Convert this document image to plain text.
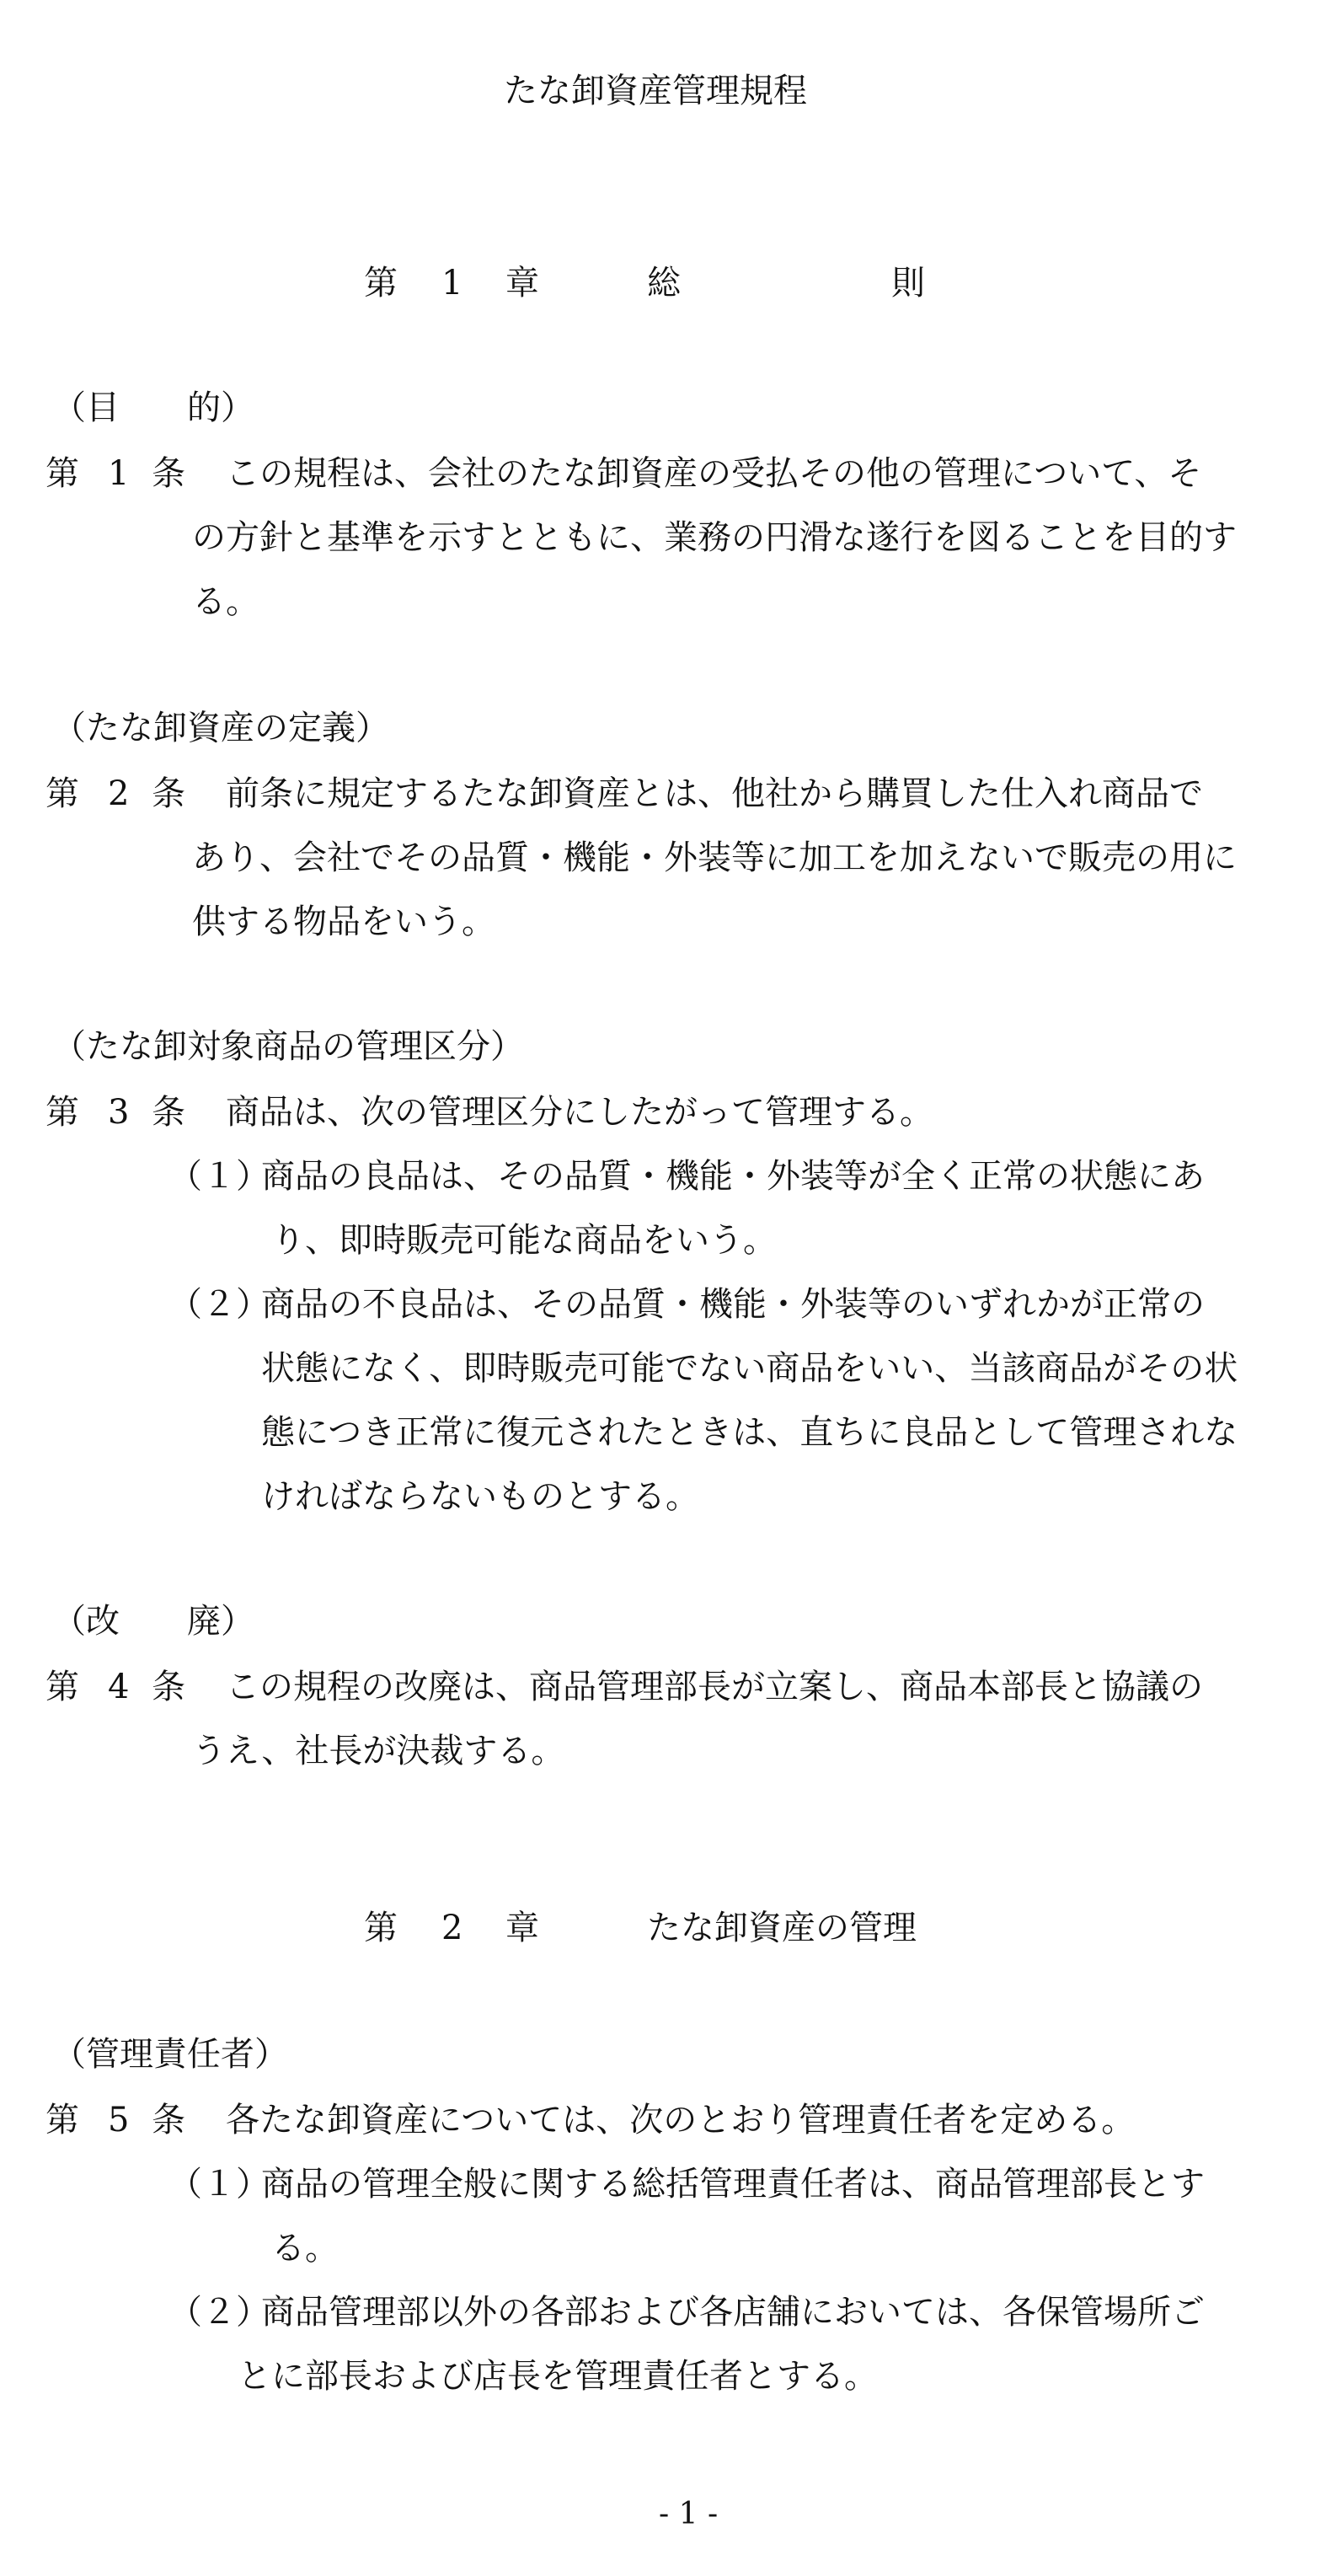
たな卸資産管理規程
第 1 章	総	則
（目　　的）
第 1 条 この規程は、会社のたな卸資産の受払その他の管理について、そ
の方針と基準を示すとともに、業務の円滑な遂行を図ることを目的す
る。
（たな卸資産の定義）
第 2 条 前条に規定するたな卸資産とは、他社から購買した仕入れ商品で
あり、会社でその品質・機能・外装等に加工を加えないで販売の用に
供する物品をいう。
（たな卸対象商品の管理区分）
第 3 条 商品は、次の管理区分にしたがって管理する。
（１）
商品の良品は、その品質・機能・外装等が全く正常の状態にあ
り、即時販売可能な商品をいう。
（２）
商品の不良品は、その品質・機能・外装等のいずれかが正常の
状態になく、即時販売可能でない商品をいい、当該商品がその状
態につき正常に復元されたときは、直ちに良品として管理されな
ければならないものとする。
（改　　廃）
第 4 条 この規程の改廃は、商品管理部長が立案し、商品本部長と協議の
うえ、社長が決裁する。
第 2 章	たな卸資産の管理
（管理責任者）
第 5 条 各たな卸資産については、次のとおり管理責任者を定める。
（１）
商品の管理全般に関する総括管理責任者は、商品管理部長とす
る。
（２）
商品管理部以外の各部および各店舗においては、各保管場所ご
とに部長および店長を管理責任者とする。
- 1 -
